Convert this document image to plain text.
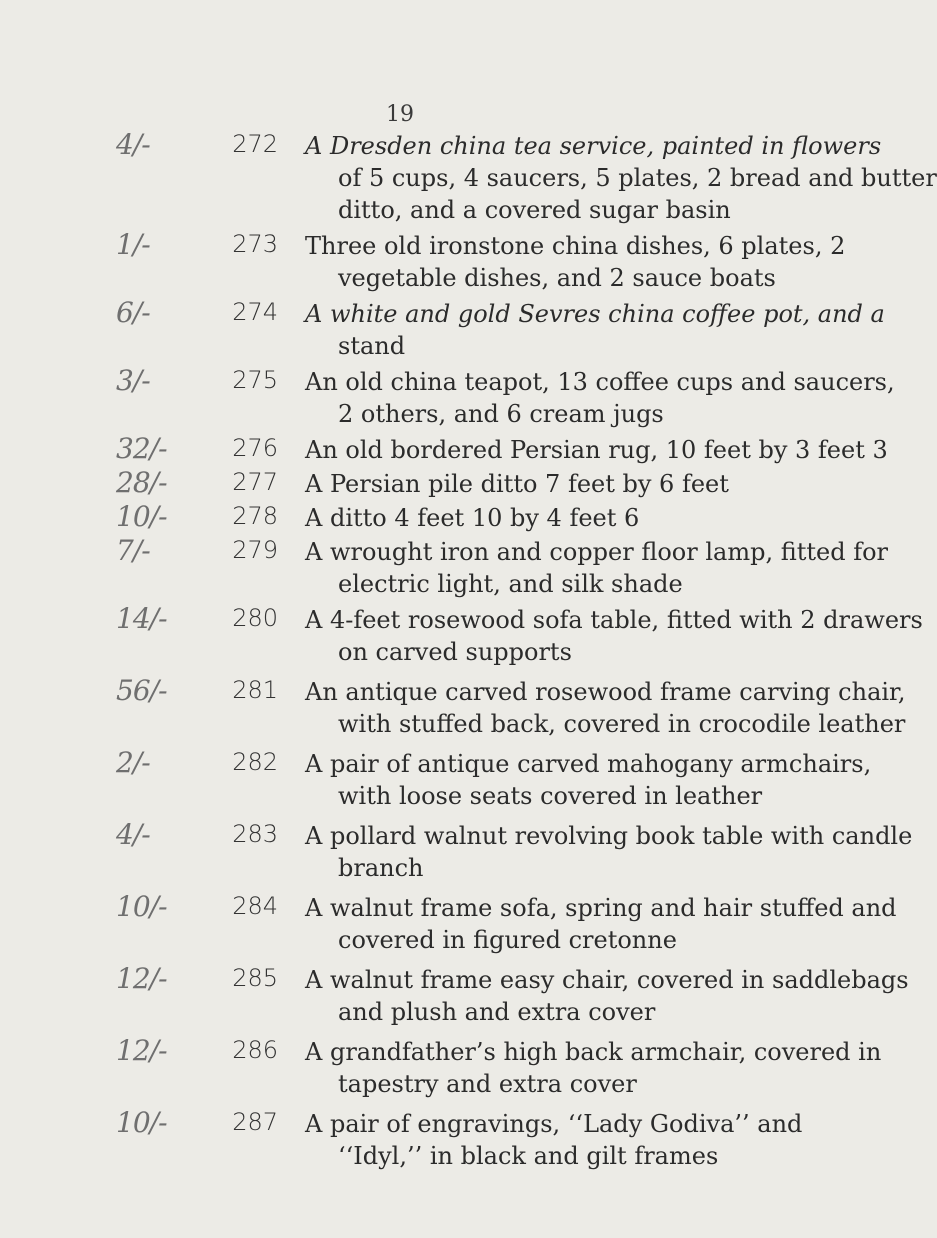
19
4/-	272 A Dresden china tea service, painted in flowers
of 5 cups, 4 saucers, 5 plates, 2 bread and butter
ditto, and a covered sugar basin
1/-	273 Three old ironstone china dishes, 6 plates, 2
vegetable dishes, and 2 sauce boats
6/-	274 A white and gold Sevres china coffee pot, and a
stand
3/-	275 An old china teapot, 13 coffee cups and saucers,
2 others, and 6 cream jugs
32/-	276 An old bordered Persian rug, 10 feet by 3 feet 3
28/-	277 A Persian pile ditto 7 feet by 6 feet
10/-	278 A ditto 4 feet 10 by 4 feet 6
7/-	279 A wrought iron and copper floor lamp, fitted for
electric light, and silk shade
14/-	280 A 4-feet rosewood sofa table, fitted with 2 drawers
on carved supports
56/-	281 An antique carved rosewood frame carving chair,
with stuffed back, covered in crocodile leather
2/-	282 A pair of antique carved mahogany armchairs,
with loose seats covered in leather
4/-	283 A pollard walnut revolving book table with candle
branch
10/-	284 A walnut frame sofa, spring and hair stuffed and
covered in figured cretonne
12/-	285 A walnut frame easy chair, covered in saddlebags
and plush and extra cover
12/-	286 A grandfather’s high back armchair, covered in
tapestry and extra cover
10/-	287 A pair of engravings, ‘‘Lady Godiva’’ and
‘‘Idyl,’’ in black and gilt frames
